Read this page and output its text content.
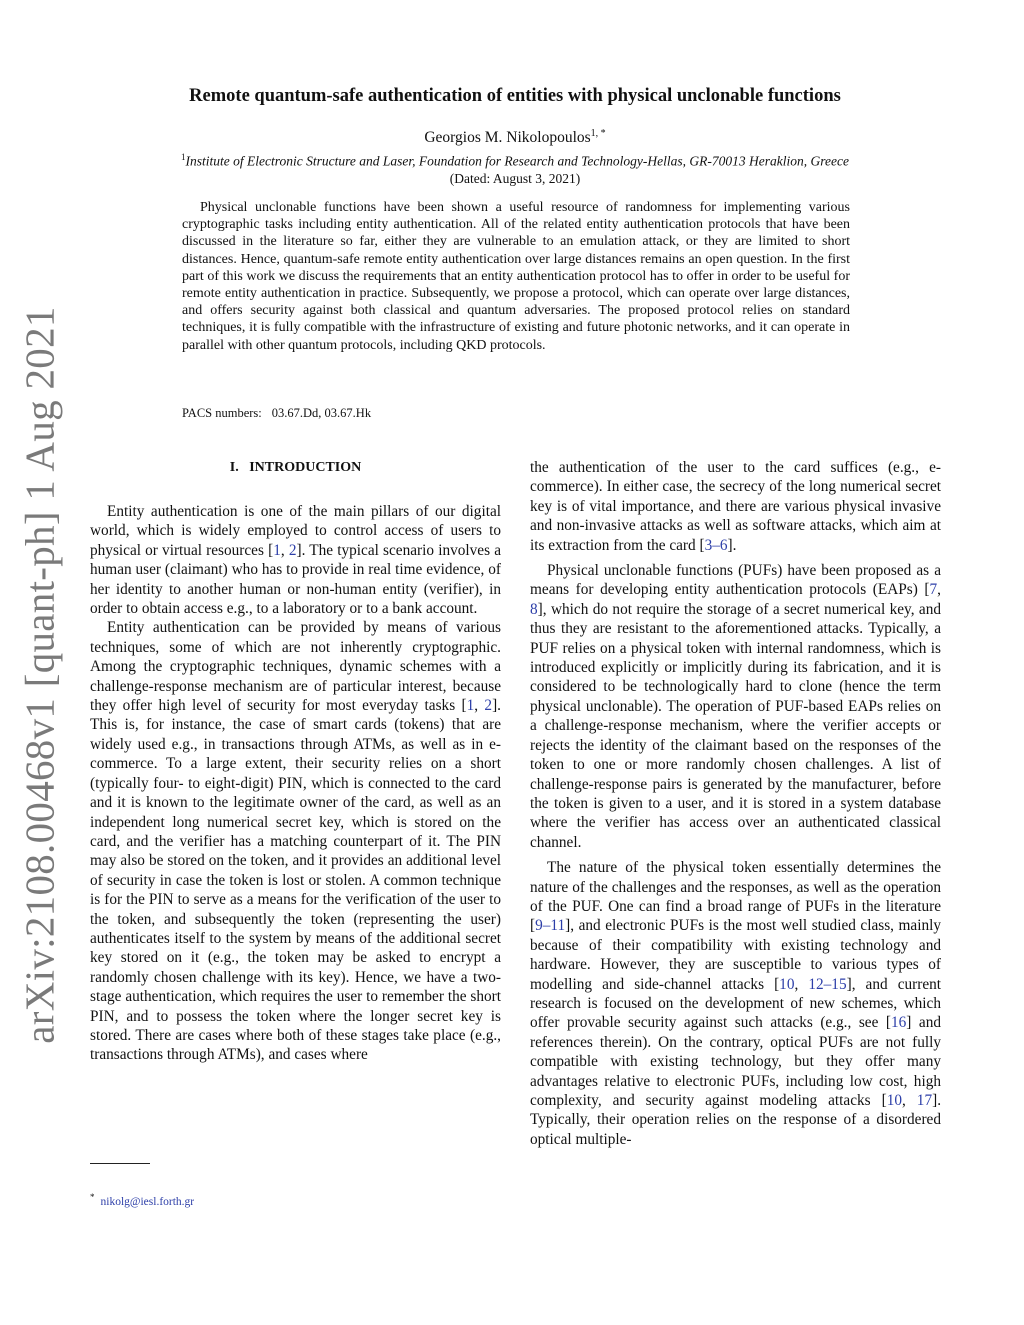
arXiv:2108.00468v1 [quant-ph] 1 Aug 2021
Remote quantum-safe authentication of entities with physical unclonable functions
Georgios M. Nikolopoulos$^{1, *}$
$^1$Institute of Electronic Structure and Laser, Foundation for Research and Technology-Hellas, GR-70013 Heraklion, Greece
(Dated: August 3, 2021)

Physical unclonable functions have been shown a useful resource of randomness for implementing various cryptographic tasks including entity authentication. All of the related entity authentication protocols that have been discussed in the literature so far, either they are vulnerable to an emulation attack, or they are limited to short distances. Hence, quantum-safe remote entity authentication over large distances remains an open question. In the first part of this work we discuss the requirements that an entity authentication protocol has to offer in order to be useful for remote entity authentication in practice. Subsequently, we propose a protocol, which can operate over large distances, and offers security against both classical and quantum adversaries. The proposed protocol relies on standard techniques, it is fully compatible with the infrastructure of existing and future photonic networks, and it can operate in parallel with other quantum protocols, including QKD protocols.

PACS numbers: 03.67.Dd, 03.67.Hk
I. INTRODUCTION

Entity authentication is one of the main pillars of our digital world, which is widely employed to control access of users to physical or virtual resources [1, 2]. The typical scenario involves a human user (claimant) who has to provide in real time evidence, of her identity to another human or non-human entity (verifier), in order to obtain access e.g., to a laboratory or to a bank account.

Entity authentication can be provided by means of various techniques, some of which are not inherently cryptographic. Among the cryptographic techniques, dynamic schemes with a challenge-response mechanism are of particular interest, because they offer high level of security for most everyday tasks [1, 2]. This is, for instance, the case of smart cards (tokens) that are widely used e.g., in transactions through ATMs, as well as in e-commerce. To a large extent, their security relies on a short (typically four- to eight-digit) PIN, which is connected to the card and it is known to the legitimate owner of the card, as well as an independent long numerical secret key, which is stored on the card, and the verifier has a matching counterpart of it. The PIN may also be stored on the token, and it provides an additional level of security in case the token is lost or stolen. A common technique is for the PIN to serve as a means for the verification of the user to the token, and subsequently the token (representing the user) authenticates itself to the system by means of the additional secret key stored on it (e.g., the token may be asked to encrypt a randomly chosen challenge with its key). Hence, we have a two-stage authentication, which requires the user to remember the short PIN, and to possess the token where the longer secret key is stored. There are cases where both of these stages take place (e.g., transactions through ATMs), and cases where

the authentication of the user to the card suffices (e.g., e-commerce). In either case, the secrecy of the long numerical secret key is of vital importance, and there are various physical invasive and non-invasive attacks as well as software attacks, which aim at its extraction from the card [3–6].

Physical unclonable functions (PUFs) have been proposed as a means for developing entity authentication protocols (EAPs) [7, 8], which do not require the storage of a secret numerical key, and thus they are resistant to the aforementioned attacks. Typically, a PUF relies on a physical token with internal randomness, which is introduced explicitly or implicitly during its fabrication, and it is considered to be technologically hard to clone (hence the term physical unclonable). The operation of PUF-based EAPs relies on a challenge-response mechanism, where the verifier accepts or rejects the identity of the claimant based on the responses of the token to one or more randomly chosen challenges. A list of challenge-response pairs is generated by the manufacturer, before the token is given to a user, and it is stored in a system database where the verifier has access over an authenticated classical channel.

The nature of the physical token essentially determines the nature of the challenges and the responses, as well as the operation of the PUF. One can find a broad range of PUFs in the literature [9–11], and electronic PUFs is the most well studied class, mainly because of their compatibility with existing technology and hardware. However, they are susceptible to various types of modelling and side-channel attacks [10, 12–15], and current research is focused on the development of new schemes, which offer provable security against such attacks (e.g., see [16] and references therein). On the contrary, optical PUFs are not fully compatible with existing technology, but they offer many advantages relative to electronic PUFs, including low cost, high complexity, and security against modeling attacks [10, 17]. Typically, their operation relies on the response of a disordered optical multiple-

* nikolg@iesl.forth.gr
